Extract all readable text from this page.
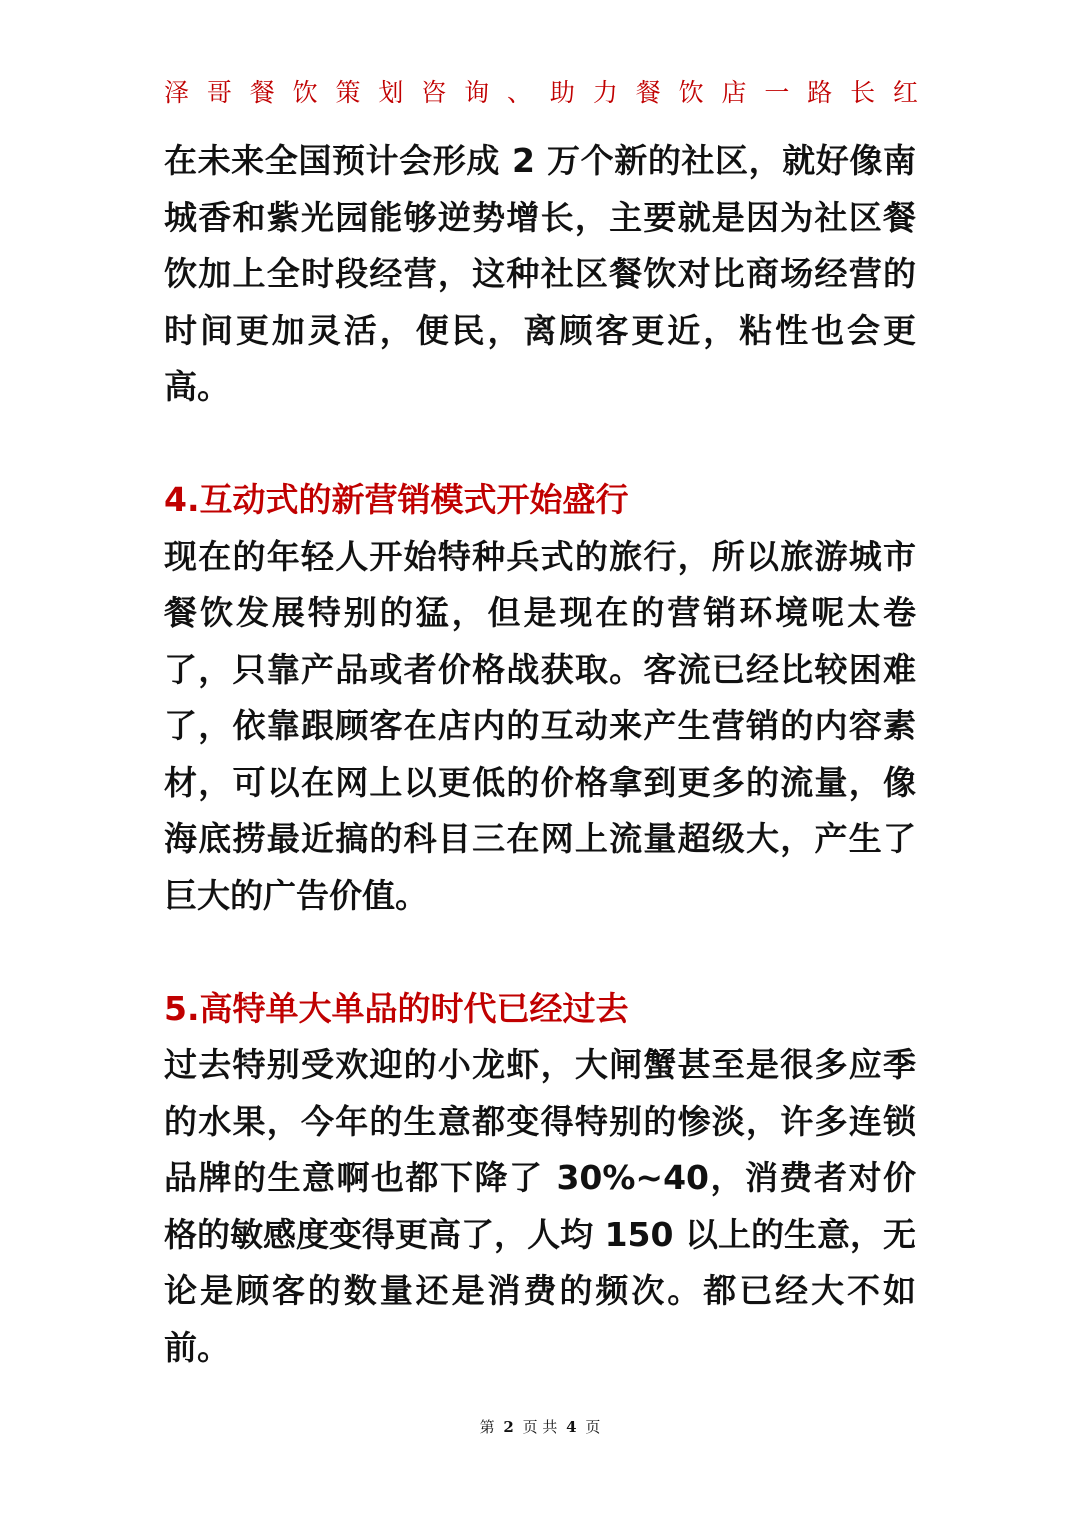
泽哥餐饮策划咨询、助力餐饮店一路长红

在未来全国预计会形成 2 万个新的社区，就好像南城香和紫光园能够逆势增长，主要就是因为社区餐饮加上全时段经营，这种社区餐饮对比商场经营的时间更加灵活，便民，离顾客更近，粘性也会更高。

4.互动式的新营销模式开始盛行

现在的年轻人开始特种兵式的旅行，所以旅游城市餐饮发展特别的猛，但是现在的营销环境呢太卷了，只靠产品或者价格战获取。客流已经比较困难了，依靠跟顾客在店内的互动来产生营销的内容素材，可以在网上以更低的价格拿到更多的流量，像海底捞最近搞的科目三在网上流量超级大，产生了巨大的广告价值。

5.高特单大单品的时代已经过去

过去特别受欢迎的小龙虾，大闸蟹甚至是很多应季的水果，今年的生意都变得特别的惨淡，许多连锁品牌的生意啊也都下降了 30%~40，消费者对价格的敏感度变得更高了，人均 150 以上的生意，无论是顾客的数量还是消费的频次。都已经大不如前。

第 2 页 共 4 页
